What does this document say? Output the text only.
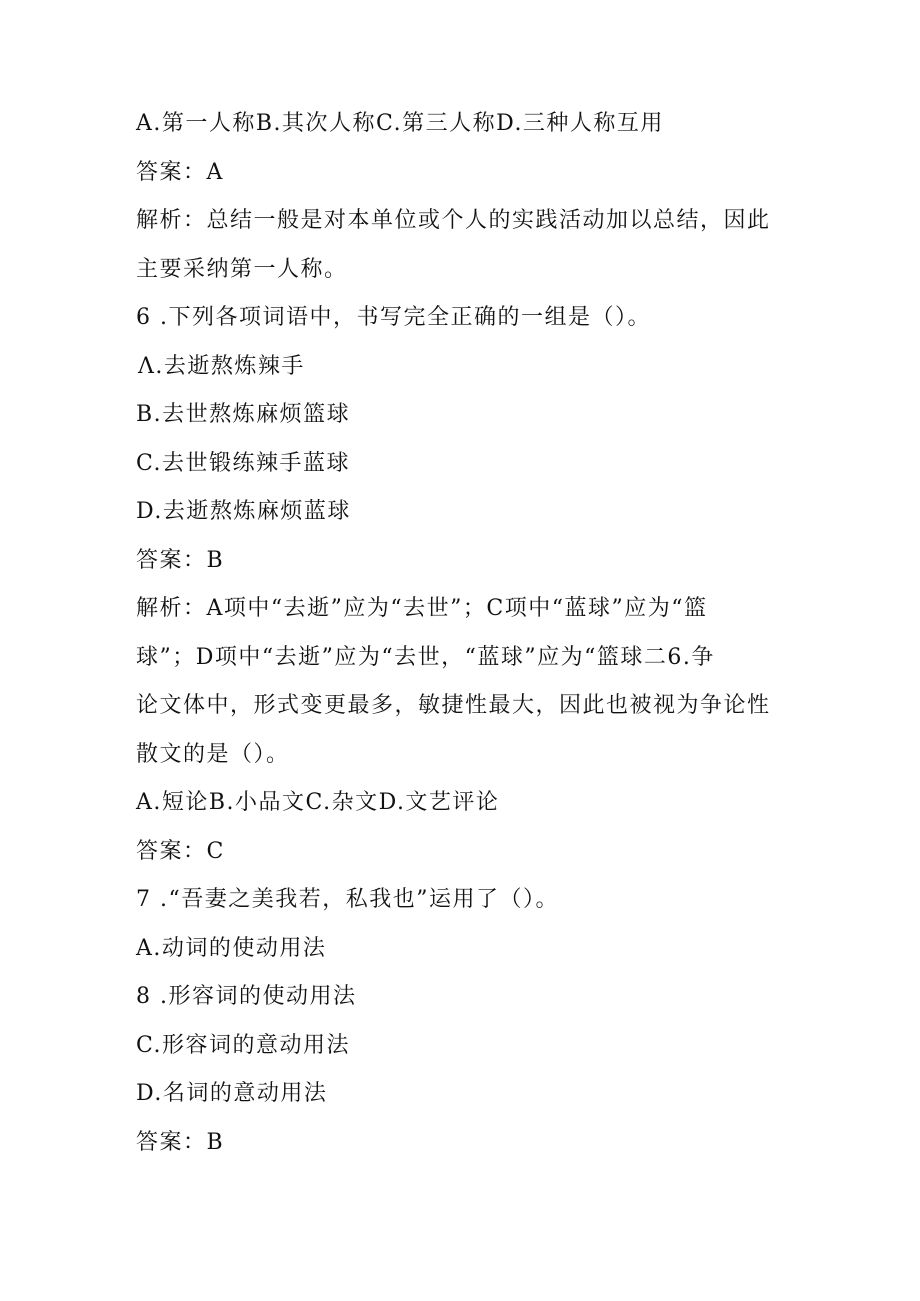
A.第一人称B.其次人称C.第三人称D.三种人称互用

答案：A

解析：总结一般是对本单位或个人的实践活动加以总结，因此

主要采纳第一人称。

6 .下列各项词语中，书写完全正确的一组是（）。

Λ.去逝熬炼辣手

B.去世熬炼麻烦篮球

C.去世锻练辣手蓝球

D.去逝熬炼麻烦蓝球

答案：B

解析：A项中“去逝”应为“去世”；C项中“蓝球”应为“篮

球”；D项中“去逝”应为“去世，“蓝球”应为“篮球二6.争

论文体中，形式变更最多，敏捷性最大，因此也被视为争论性

散文的是（）。

A.短论B.小品文C.杂文D.文艺评论

答案：C

7 .“吾妻之美我若，私我也”运用了（）。

A.动词的使动用法

8 .形容词的使动用法

C.形容词的意动用法

D.名词的意动用法

答案：B
